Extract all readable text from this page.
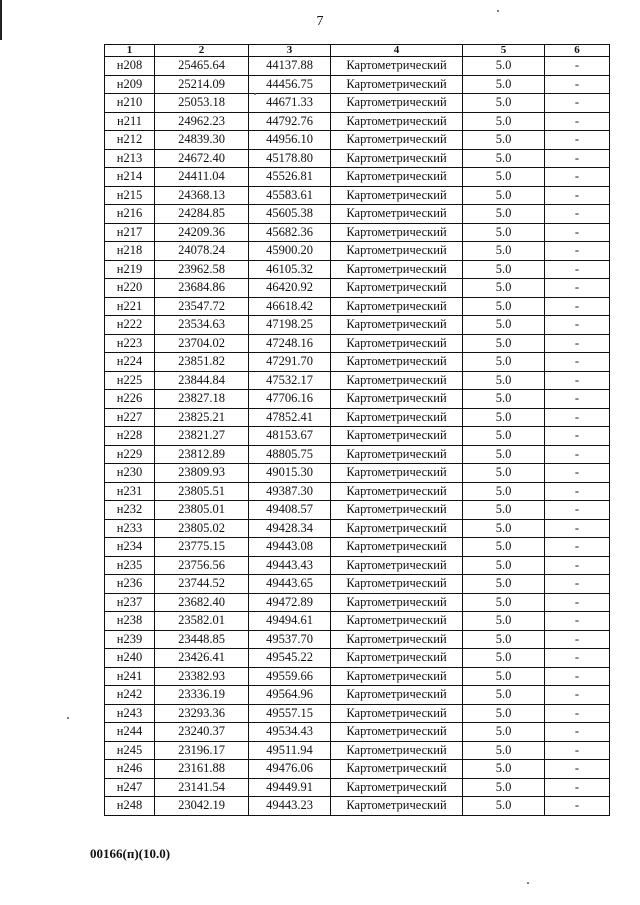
7
1	2	3	4	5	6
н208	25465.64	44137.88	Картометрический	5.0	-
н209	25214.09	44456.75	Картометрический	5.0	-
н210	25053.18	44671.33	Картометрический	5.0	-
н211	24962.23	44792.76	Картометрический	5.0	-
н212	24839.30	44956.10	Картометрический	5.0	-
н213	24672.40	45178.80	Картометрический	5.0	-
н214	24411.04	45526.81	Картометрический	5.0	-
н215	24368.13	45583.61	Картометрический	5.0	-
н216	24284.85	45605.38	Картометрический	5.0	-
н217	24209.36	45682.36	Картометрический	5.0	-
н218	24078.24	45900.20	Картометрический	5.0	-
н219	23962.58	46105.32	Картометрический	5.0	-
н220	23684.86	46420.92	Картометрический	5.0	-
н221	23547.72	46618.42	Картометрический	5.0	-
н222	23534.63	47198.25	Картометрический	5.0	-
н223	23704.02	47248.16	Картометрический	5.0	-
н224	23851.82	47291.70	Картометрический	5.0	-
н225	23844.84	47532.17	Картометрический	5.0	-
н226	23827.18	47706.16	Картометрический	5.0	-
н227	23825.21	47852.41	Картометрический	5.0	-
н228	23821.27	48153.67	Картометрический	5.0	-
н229	23812.89	48805.75	Картометрический	5.0	-
н230	23809.93	49015.30	Картометрический	5.0	-
н231	23805.51	49387.30	Картометрический	5.0	-
н232	23805.01	49408.57	Картометрический	5.0	-
н233	23805.02	49428.34	Картометрический	5.0	-
н234	23775.15	49443.08	Картометрический	5.0	-
н235	23756.56	49443.43	Картометрический	5.0	-
н236	23744.52	49443.65	Картометрический	5.0	-
н237	23682.40	49472.89	Картометрический	5.0	-
н238	23582.01	49494.61	Картометрический	5.0	-
н239	23448.85	49537.70	Картометрический	5.0	-
н240	23426.41	49545.22	Картометрический	5.0	-
н241	23382.93	49559.66	Картометрический	5.0	-
н242	23336.19	49564.96	Картометрический	5.0	-
н243	23293.36	49557.15	Картометрический	5.0	-
н244	23240.37	49534.43	Картометрический	5.0	-
н245	23196.17	49511.94	Картометрический	5.0	-
н246	23161.88	49476.06	Картометрический	5.0	-
н247	23141.54	49449.91	Картометрический	5.0	-
н248	23042.19	49443.23	Картометрический	5.0	-
00166(п)(10.0)
